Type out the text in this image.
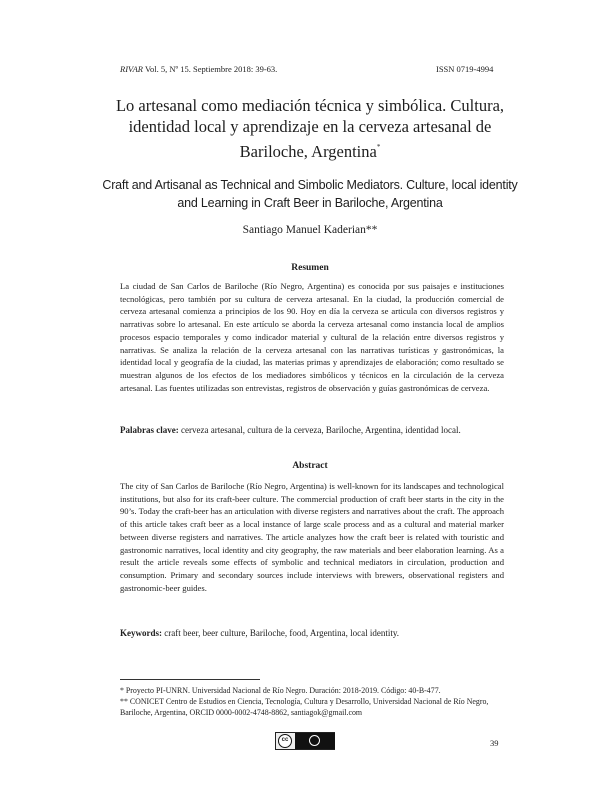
RIVAR Vol. 5, Nº 15. Septiembre 2018: 39-63.	ISSN 0719-4994
Lo artesanal como mediación técnica y simbólica. Cultura, identidad local y aprendizaje en la cerveza artesanal de Bariloche, Argentina*
Craft and Artisanal as Technical and Simbolic Mediators. Culture, local identity and Learning in Craft Beer in Bariloche, Argentina
Santiago Manuel Kaderian**
Resumen

La ciudad de San Carlos de Bariloche (Río Negro, Argentina) es conocida por sus paisajes e instituciones tecnológicas, pero también por su cultura de cerveza artesanal. En la ciudad, la producción comercial de cerveza artesanal comienza a principios de los 90. Hoy en día la cerveza se articula con diversos registros y narrativas sobre lo artesanal. En este artículo se aborda la cerveza artesanal como instancia local de amplios procesos espacio temporales y como indicador material y cultural de la relación entre diversos registros y narrativas. Se analiza la relación de la cerveza artesanal con las narrativas turísticas y gastronómicas, la identidad local y geografía de la ciudad, las materias primas y aprendizajes de elaboración; como resultado se muestran algunos de los efectos de los mediadores simbólicos y técnicos en la circulación de la cerveza artesanal. Las fuentes utilizadas son entrevistas, registros de observación y guías gastronómicas de cerveza.

Palabras clave: cerveza artesanal, cultura de la cerveza, Bariloche, Argentina, identidad local.
Abstract

The city of San Carlos de Bariloche (Río Negro, Argentina) is well-known for its landscapes and technological institutions, but also for its craft-beer culture. The commercial production of craft beer starts in the city in the 90’s. Today the craft-beer has an articulation with diverse registers and narratives about the craft. The approach of this article takes craft beer as a local instance of large scale process and as a cultural and material marker between diverse registers and narratives. The article analyzes how the craft beer is related with touristic and gastronomic narratives, local identity and city geography, the raw materials and beer elaboration learning. As a result the article reveals some effects of symbolic and technical mediators in circulation, production and consumption. Primary and secondary sources include interviews with brewers, observational registers and gastronomic-beer guides.

Keywords: craft beer, beer culture, Bariloche, food, Argentina, local identity.
* Proyecto PI-UNRN. Universidad Nacional de Río Negro. Duración: 2018-2019. Código: 40-B-477.
** CONICET Centro de Estudios en Ciencia, Tecnología, Cultura y Desarrollo, Universidad Nacional de Río Negro, Bariloche, Argentina, ORCID 0000-0002-4748-8862, santiagok@gmail.com
cc	39
